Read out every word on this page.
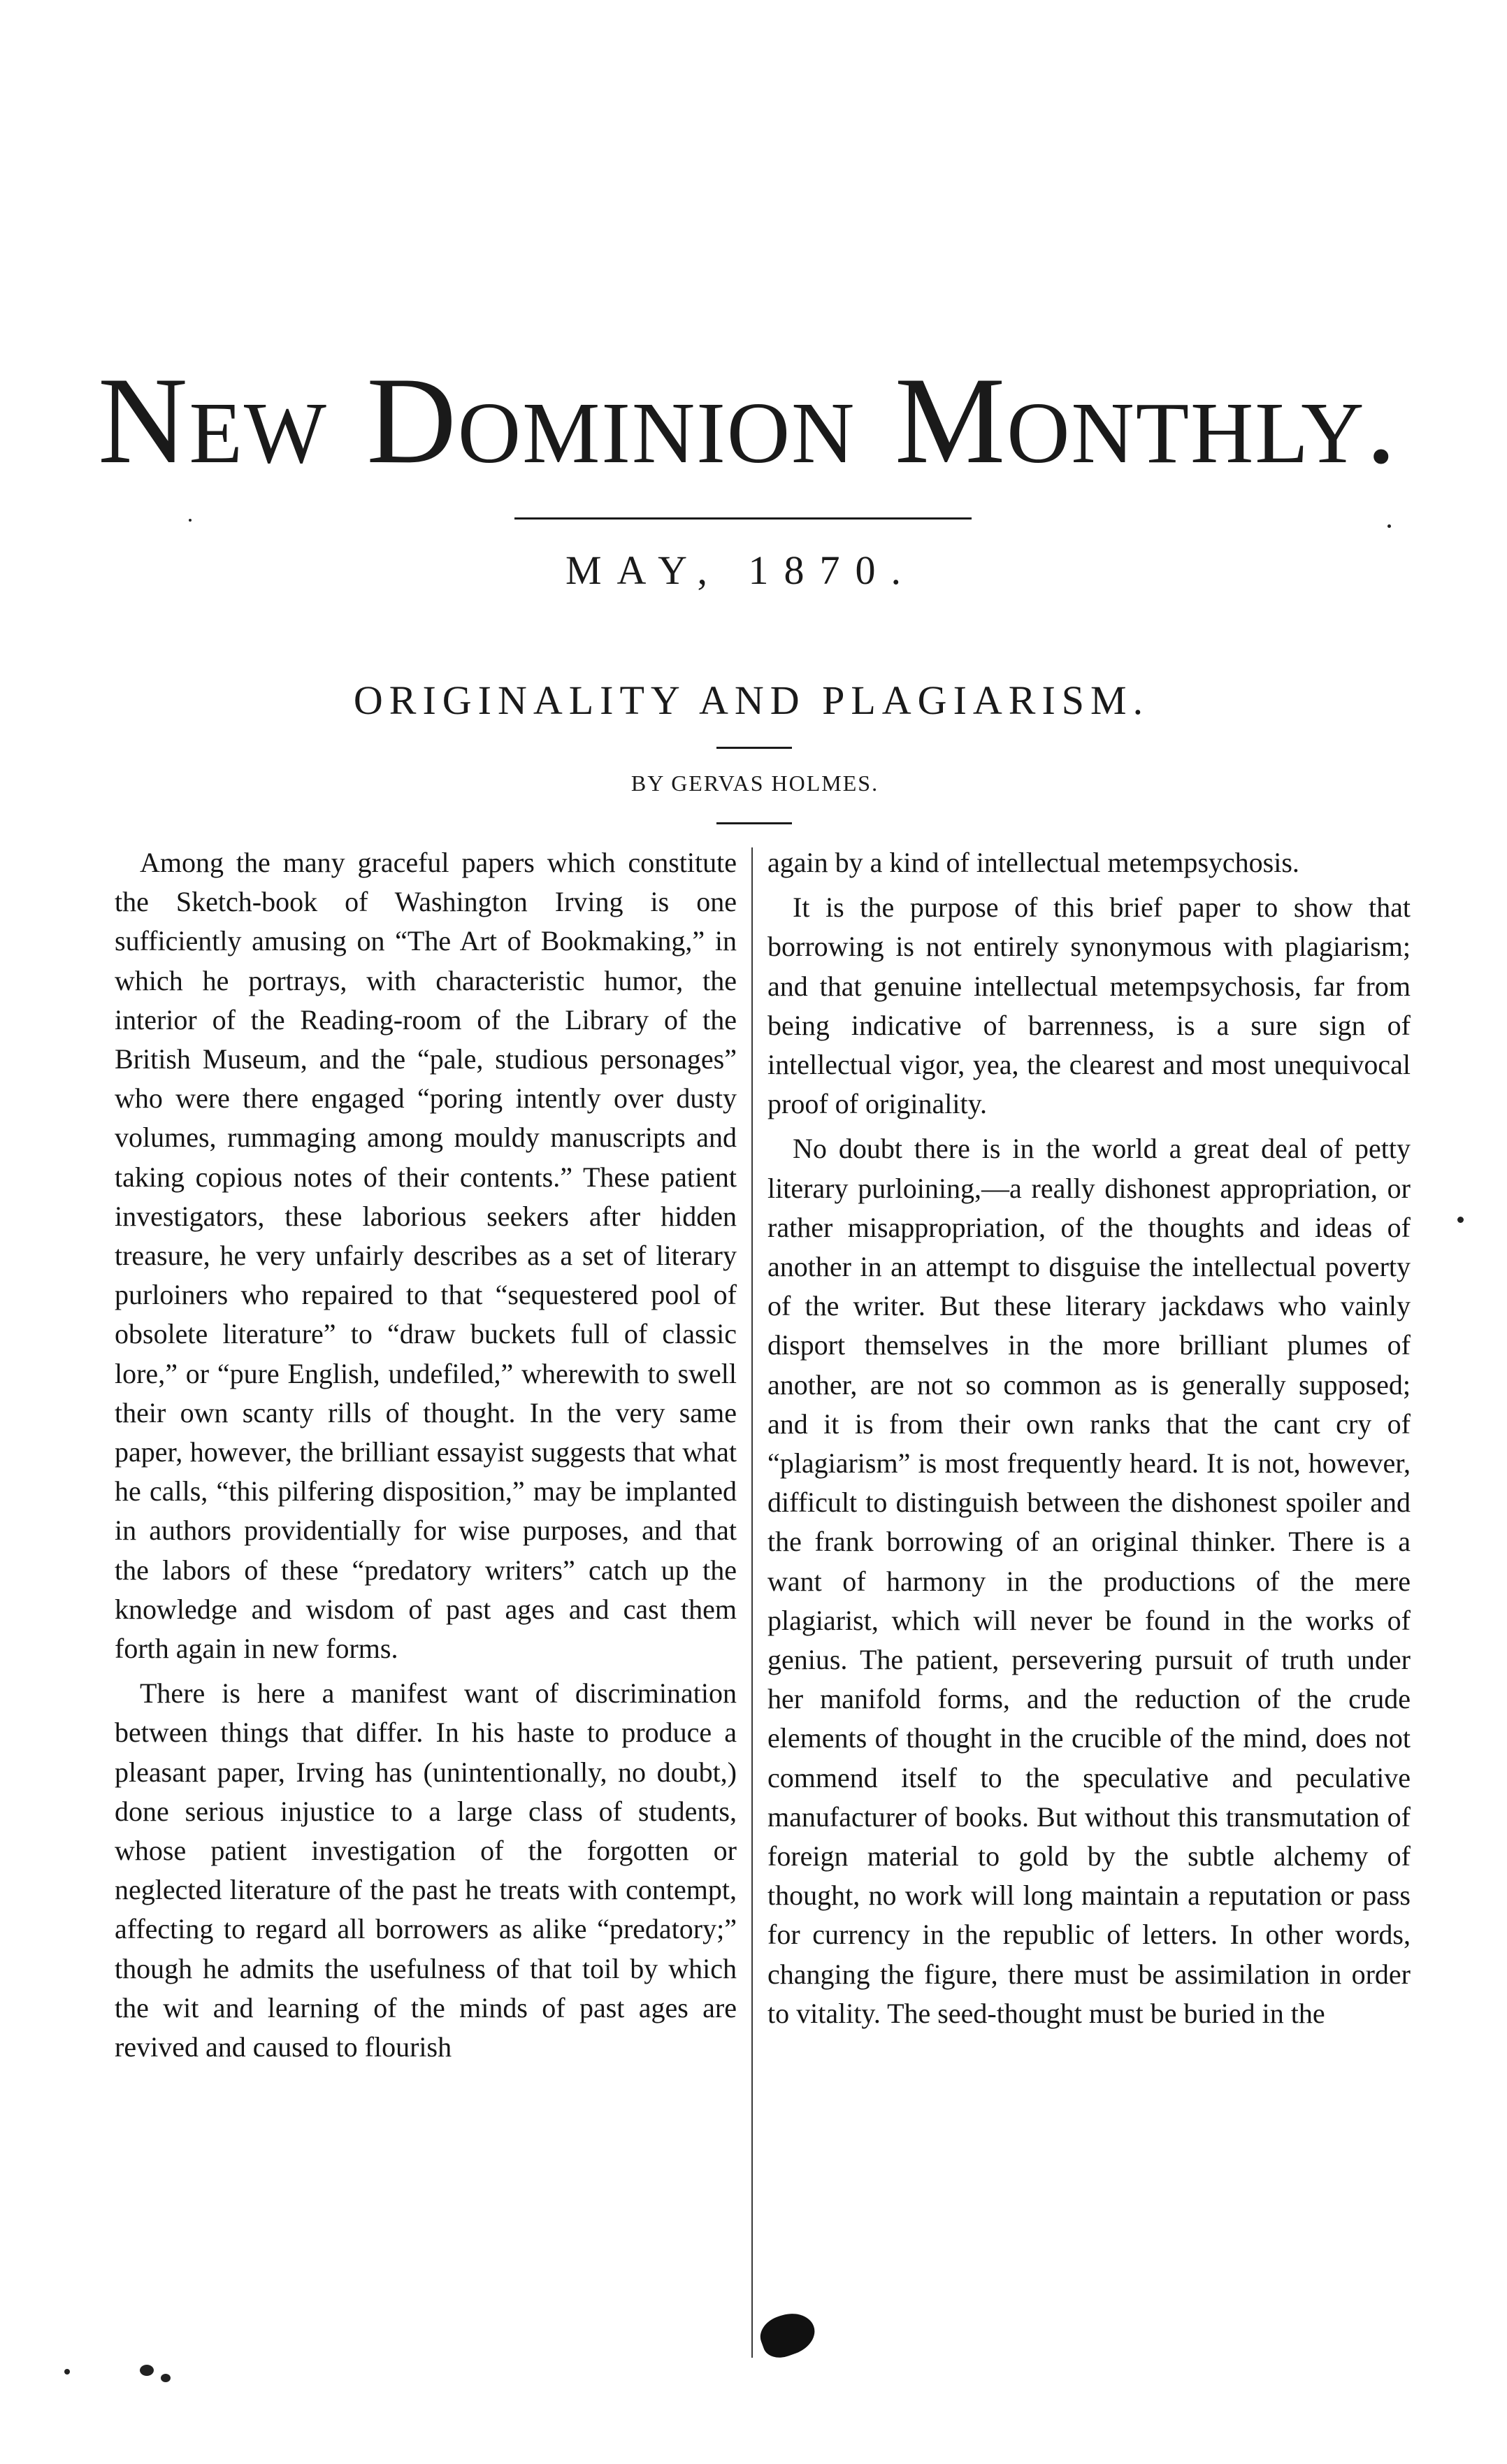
New Dominion Monthly.
MAY, 1870.
ORIGINALITY AND PLAGIARISM.
BY GERVAS HOLMES.

Among the many graceful papers which constitute the Sketch-book of Washington Irving is one sufficiently amusing on “The Art of Bookmaking,” in which he portrays, with characteristic humor, the interior of the Reading-room of the Library of the British Museum, and the “pale, studious personages” who were there engaged “poring intently over dusty volumes, rummaging among mouldy manuscripts and taking copious notes of their contents.” These patient investigators, these laborious seekers after hidden treasure, he very unfairly describes as a set of literary purloiners who repaired to that “sequestered pool of obsolete literature” to “draw buckets full of classic lore,” or “pure English, undefiled,” wherewith to swell their own scanty rills of thought. In the very same paper, however, the brilliant essayist suggests that what he calls, “this pilfering disposition,” may be implanted in authors providentially for wise purposes, and that the labors of these “predatory writers” catch up the knowledge and wisdom of past ages and cast them forth again in new forms.

There is here a manifest want of discrimination between things that differ. In his haste to produce a pleasant paper, Irving has (unintentionally, no doubt,) done serious injustice to a large class of students, whose patient investigation of the forgotten or neglected literature of the past he treats with contempt, affecting to regard all borrowers as alike “predatory;” though he admits the usefulness of that toil by which the wit and learning of the minds of past ages are revived and caused to flourish

again by a kind of intellectual metempsychosis.

It is the purpose of this brief paper to show that borrowing is not entirely synonymous with plagiarism; and that genuine intellectual metempsychosis, far from being indicative of barrenness, is a sure sign of intellectual vigor, yea, the clearest and most unequivocal proof of originality.

No doubt there is in the world a great deal of petty literary purloining,—a really dishonest appropriation, or rather misappropriation, of the thoughts and ideas of another in an attempt to disguise the intellectual poverty of the writer. But these literary jackdaws who vainly disport themselves in the more brilliant plumes of another, are not so common as is generally supposed; and it is from their own ranks that the cant cry of “plagiarism” is most frequently heard. It is not, however, difficult to distinguish between the dishonest spoiler and the frank borrowing of an original thinker. There is a want of harmony in the productions of the mere plagiarist, which will never be found in the works of genius. The patient, persevering pursuit of truth under her manifold forms, and the reduction of the crude elements of thought in the crucible of the mind, does not commend itself to the speculative and peculative manufacturer of books. But without this transmutation of foreign material to gold by the subtle alchemy of thought, no work will long maintain a reputation or pass for currency in the republic of letters. In other words, changing the figure, there must be assimilation in order to vitality. The seed-thought must be buried in the
